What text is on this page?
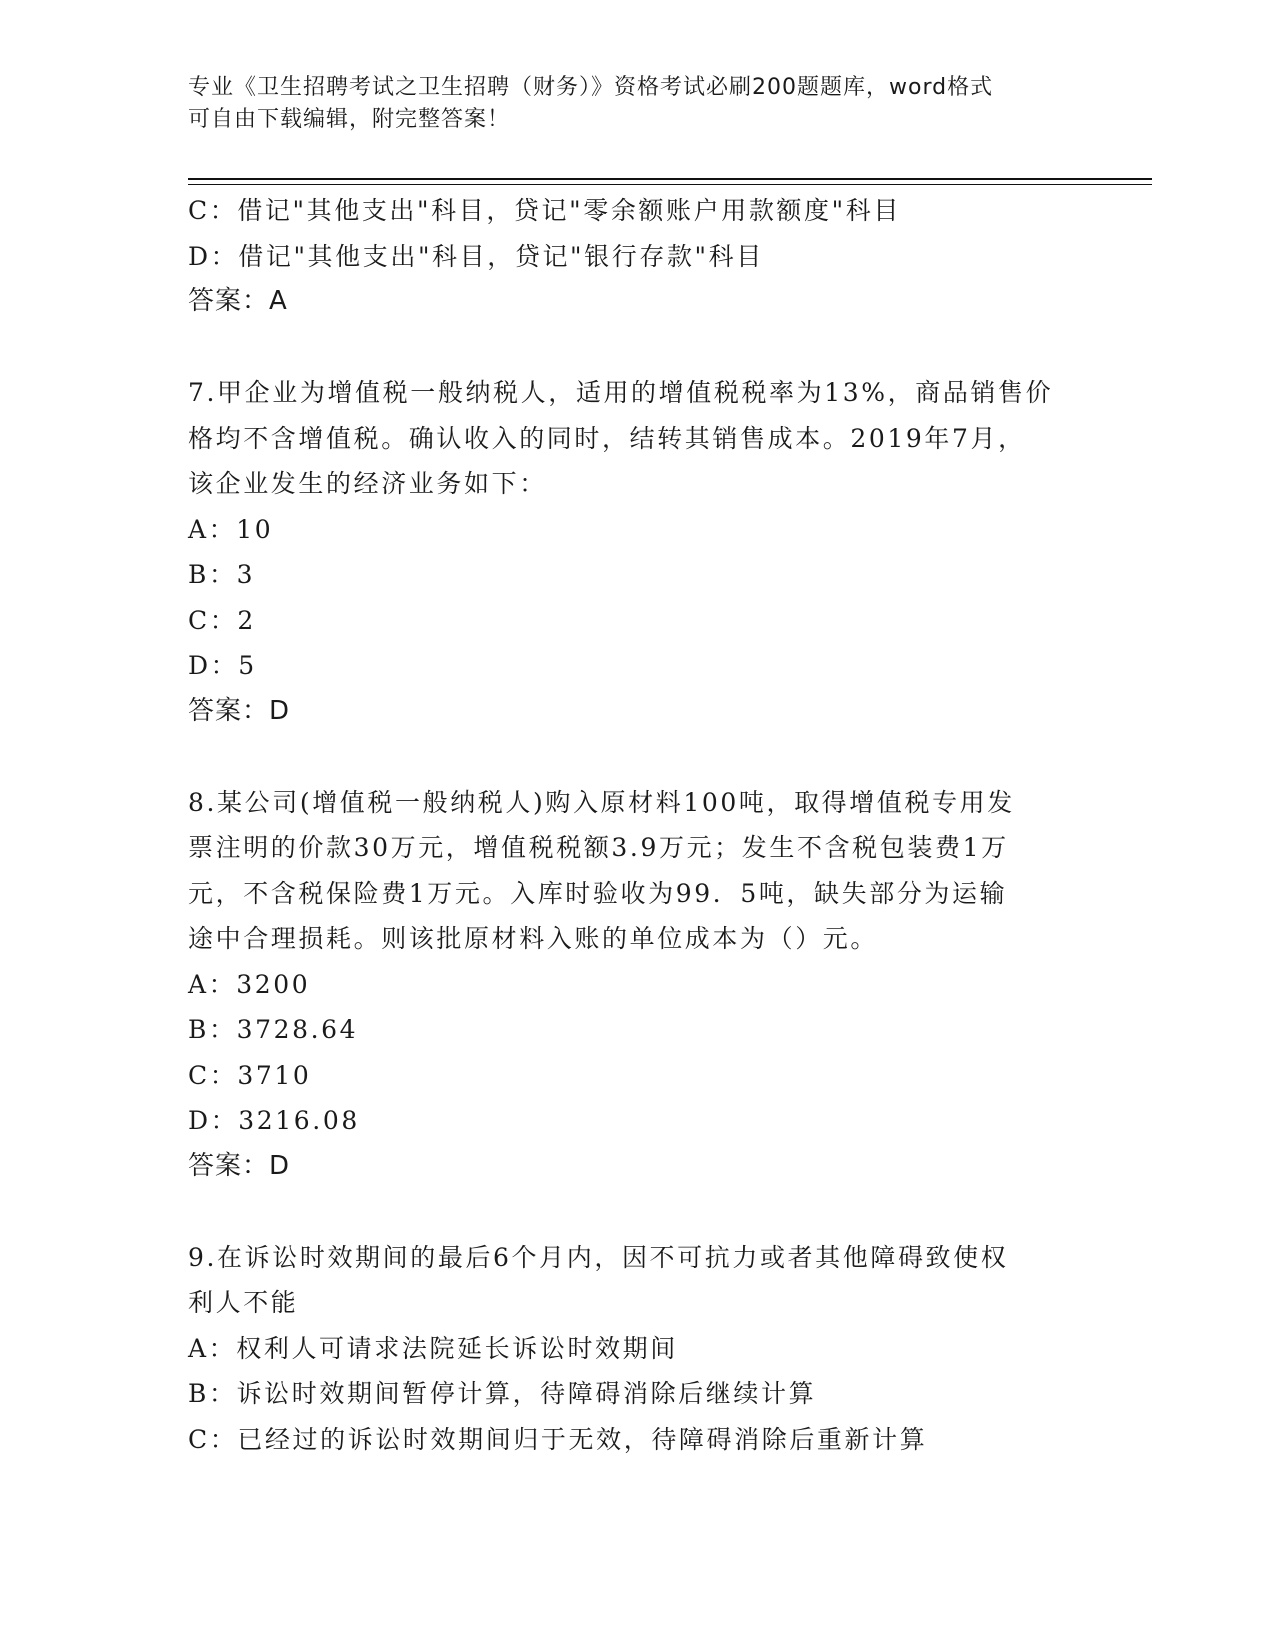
专业《卫生招聘考试之卫生招聘（财务）》资格考试必刷200题题库，word格式
可自由下载编辑，附完整答案！
C：借记"其他支出"科目，贷记"零余额账户用款额度"科目
D：借记"其他支出"科目，贷记"银行存款"科目
答案：A
7.甲企业为增值税一般纳税人，适用的增值税税率为13%，商品销售价
格均不含增值税。确认收入的同时，结转其销售成本。2019年7月，
该企业发生的经济业务如下：
A：10
B：3
C：2
D：5
答案：D
8.某公司(增值税一般纳税人)购入原材料100吨，取得增值税专用发
票注明的价款30万元，增值税税额3.9万元；发生不含税包装费1万
元，不含税保险费1万元。入库时验收为99．5吨，缺失部分为运输
途中合理损耗。则该批原材料入账的单位成本为（）元。
A：3200
B：3728.64
C：3710
D：3216.08
答案：D
9.在诉讼时效期间的最后6个月内，因不可抗力或者其他障碍致使权
利人不能
A：权利人可请求法院延长诉讼时效期间
B：诉讼时效期间暂停计算，待障碍消除后继续计算
C：已经过的诉讼时效期间归于无效，待障碍消除后重新计算
